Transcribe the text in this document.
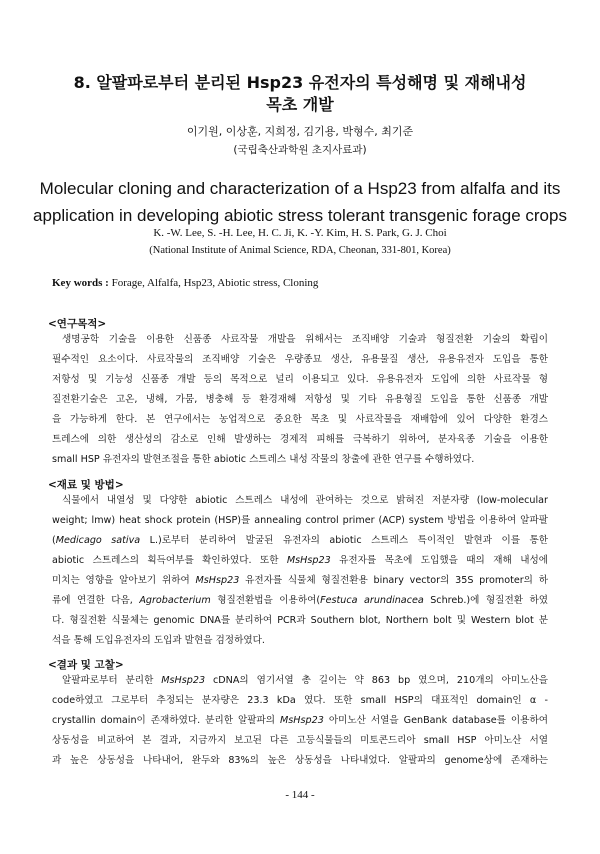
8. 알팔파로부터 분리된 Hsp23 유전자의 특성해명 및 재해내성
목초 개발
이기원, 이상훈, 지희정, 김기용, 박형수, 최기준
(국립축산과학원 초지사료과)
Molecular cloning and characterization of a Hsp23 from alfalfa and its
application in developing abiotic stress tolerant transgenic forage crops
K. -W. Lee, S. -H. Lee, H. C. Ji, K. -Y. Kim, H. S. Park, G. J. Choi
(National Institute of Animal Science, RDA, Cheonan, 331-801, Korea)
Key words : Forage, Alfalfa, Hsp23, Abiotic stress, Cloning
<연구목적>
생명공학 기술을 이용한 신품종 사료작물 개발을 위해서는 조직배양 기술과 형질전환 기술의 확립이
필수적인 요소이다. 사료작물의 조직배양 기술은 우량종묘 생산, 유용물질 생산, 유용유전자 도입을 통한
저항성 및 기능성 신품종 개발 등의 목적으로 널리 이용되고 있다. 유용유전자 도입에 의한 사료작물 형
질전환기술은 고온, 냉해, 가뭄, 병충해 등 환경재해 저항성 및 기타 유용형질 도입을 통한 신품종 개발
을 가능하게 한다. 본 연구에서는 농업적으로 중요한 목초 및 사료작물을 재배함에 있어 다양한 환경스
트레스에 의한 생산성의 감소로 인해 발생하는 경제적 피해를 극복하기 위하여, 분자육종 기술을 이용한
small HSP 유전자의 발현조절을 통한 abiotic 스트레스 내성 작물의 창출에 관한 연구를 수행하였다.
<재료 및 방법>
식물에서 내열성 및 다양한 abiotic 스트레스 내성에 관여하는 것으로 밝혀진 저분자량 (low-molecular
weight; lmw) heat shock protein (HSP)를 annealing control primer (ACP) system 방법을 이용하여 알파팔
(Medicago sativa L.)로부터 분리하여 발굴된 유전자의 abiotic 스트레스 특이적인 발현과 이를 통한
abiotic 스트레스의 획득여부를 확인하였다. 또한 MsHsp23 유전자를 목초에 도입했을 때의 재해 내성에
미치는 영향을 알아보기 위하여 MsHsp23 유전자를 식물체 형질전환용 binary vector의 35S promoter의 하
류에 연결한 다음, Agrobacterium 형질전환법을 이용하여(Festuca arundinacea Schreb.)에 형질전환 하였
다. 형질전환 식물체는 genomic DNA를 분리하여 PCR과 Southern blot, Northern bolt 및 Western blot 분
석을 통해 도입유전자의 도입과 발현을 검정하였다.
<결과 및 고찰>
알팔파로부터 분리한 MsHsp23 cDNA의 염기서열 총 길이는 약 863 bp 였으며, 210개의 아미노산을
code하였고 그로부터 추정되는 분자량은 23.3 kDa 였다. 또한 small HSP의 대표적인 domain인 α -
crystallin domain이 존재하였다. 분리한 알팔파의 MsHsp23 아미노산 서열을 GenBank database를 이용하여
상동성을 비교하여 본 결과, 지금까지 보고된 다른 고등식물들의 미토콘드리아 small HSP 아미노산 서열
과 높은 상동성을 나타내어, 완두와 83%의 높은 상동성을 나타내었다. 알팔파의 genome상에 존재하는
- 144 -
